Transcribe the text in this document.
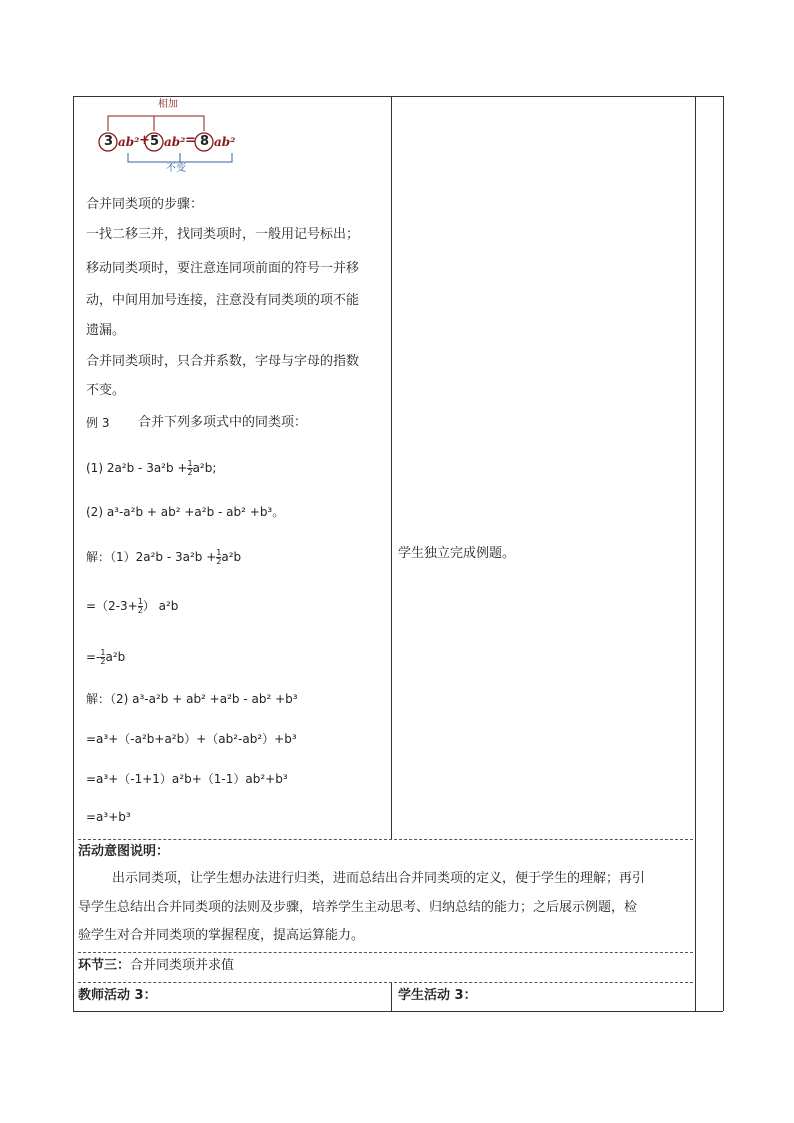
相加
3 ab² + 5 ab² = 8 ab²
不变
合并同类项的步骤：
一找二移三并，找同类项时，一般用记号标出；
移动同类项时，要注意连同项前面的符号一并移
动，中间用加号连接，注意没有同类项的项不能
遗漏。
合并同类项时，只合并系数，字母与字母的指数
不变。
例 3 合并下列多项式中的同类项：
(1) $2a^2b - 3a^2b + \frac{1}{2} a^2b$;
(2) a³-a²b + ab² +a²b - ab² +b³。
解：$(1)2a^2b - 3a^2b + \frac{1}{2} a^2b$
$=(2-3+ \frac{1}{2}$ ） a²b
=- $\frac{1}{2} a^2b$
解：（2) a³-a²b + ab² +a²b - ab² +b³
=a³+（-a²b+a²b）+（ab²-ab²）+b³
=a³+（-1+1）a²b+（1-1）ab²+b³
=a³+b³
学生独立完成例题。
活动意图说明：
出示同类项，让学生想办法进行归类，进而总结出合并同类项的定义，便于学生的理解；再引
导学生总结出合并同类项的法则及步骤，培养学生主动思考、归纳总结的能力；之后展示例题，检
验学生对合并同类项的掌握程度，提高运算能力。
环节三：合并同类项并求值
教师活动 3：	学生活动 3：
